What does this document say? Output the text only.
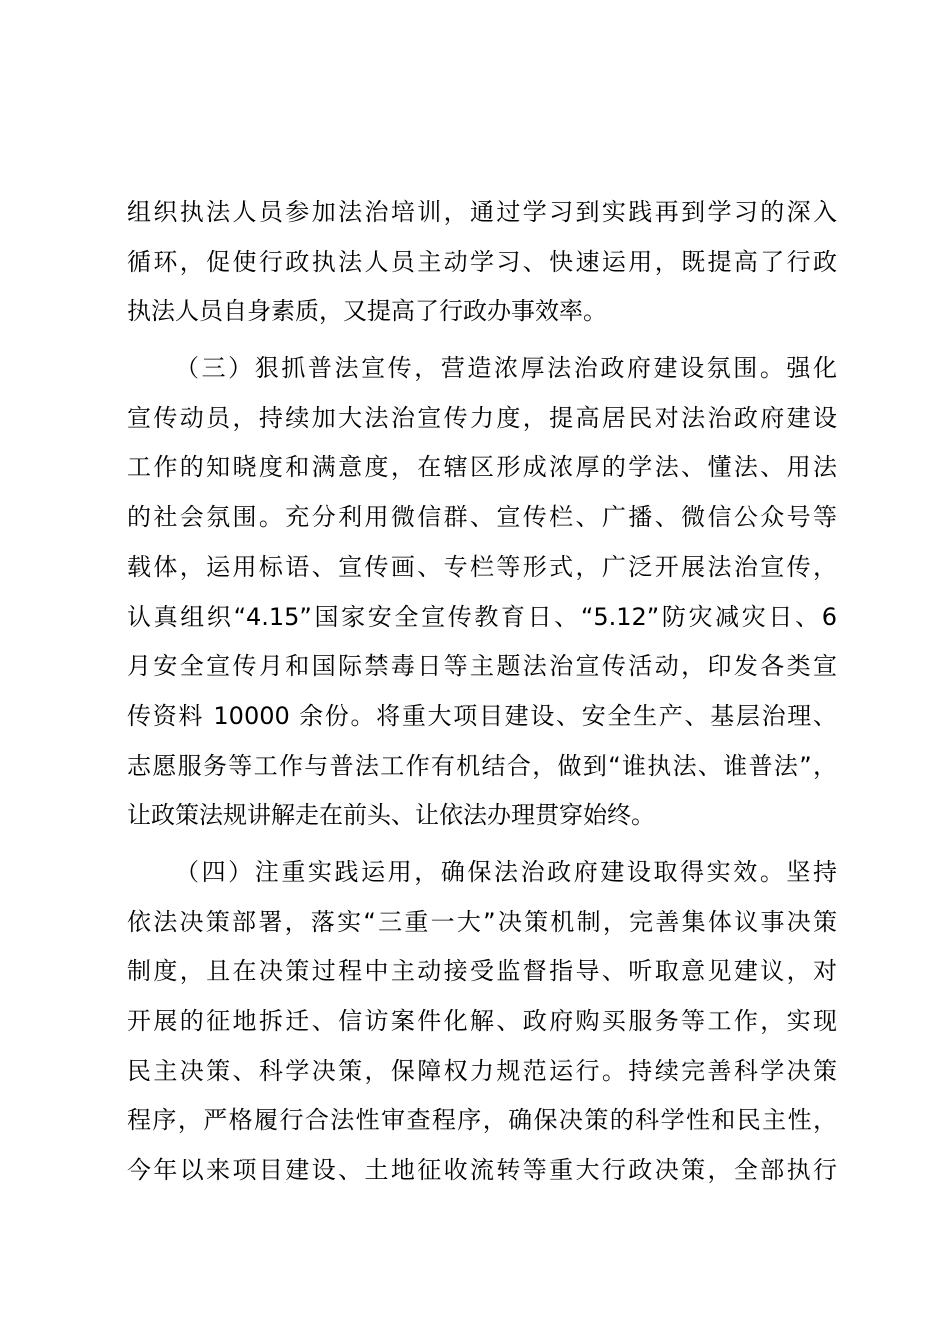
组织执法人员参加法治培训，通过学习到实践再到学习的深入
循环，促使行政执法人员主动学习、快速运用，既提高了行政
执法人员自身素质，又提高了行政办事效率。
（三）狠抓普法宣传，营造浓厚法治政府建设氛围。强化
宣传动员，持续加大法治宣传力度，提高居民对法治政府建设
工作的知晓度和满意度，在辖区形成浓厚的学法、懂法、用法
的社会氛围。充分利用微信群、宣传栏、广播、微信公众号等
载体，运用标语、宣传画、专栏等形式，广泛开展法治宣传，
认真组织“4.15”国家安全宣传教育日、“5.12”防灾减灾日、6
月安全宣传月和国际禁毒日等主题法治宣传活动，印发各类宣
传资料 10000 余份。将重大项目建设、安全生产、基层治理、
志愿服务等工作与普法工作有机结合，做到“谁执法、谁普法”，
让政策法规讲解走在前头、让依法办理贯穿始终。
（四）注重实践运用，确保法治政府建设取得实效。坚持
依法决策部署，落实“三重一大”决策机制，完善集体议事决策
制度，且在决策过程中主动接受监督指导、听取意见建议，对
开展的征地拆迁、信访案件化解、政府购买服务等工作，实现
民主决策、科学决策，保障权力规范运行。持续完善科学决策
程序，严格履行合法性审查程序，确保决策的科学性和民主性，
今年以来项目建设、土地征收流转等重大行政决策，全部执行
